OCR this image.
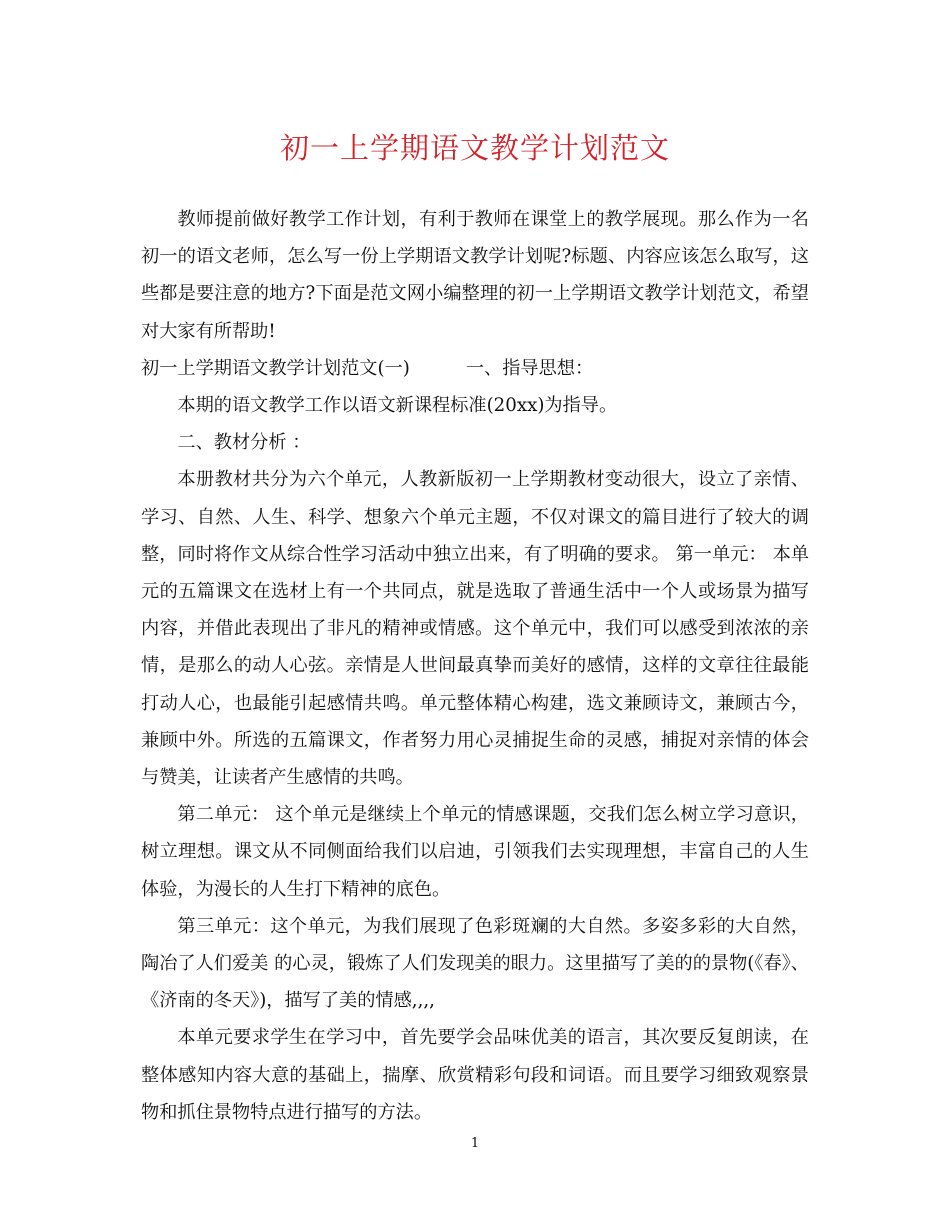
初一上学期语文教学计划范文

教师提前做好教学工作计划，有利于教师在课堂上的教学展现。那么作为一名初一的语文老师，怎么写一份上学期语文教学计划呢?标题、内容应该怎么取写，这些都是要注意的地方?下面是范文网小编整理的初一上学期语文教学计划范文，希望对大家有所帮助!

初一上学期语文教学计划范文(一)	一、指导思想：

本期的语文教学工作以语文新课程标准(20xx)为指导。

二、教材分析 ：

本册教材共分为六个单元，人教新版初一上学期教材变动很大，设立了亲情、学习、自然、人生、科学、想象六个单元主题，不仅对课文的篇目进行了较大的调整，同时将作文从综合性学习活动中独立出来，有了明确的要求。 第一单元： 本单元的五篇课文在选材上有一个共同点，就是选取了普通生活中一个人或场景为描写内容，并借此表现出了非凡的精神或情感。这个单元中，我们可以感受到浓浓的亲情，是那么的动人心弦。亲情是人世间最真挚而美好的感情，这样的文章往往最能打动人心，也最能引起感情共鸣。单元整体精心构建，选文兼顾诗文，兼顾古今，兼顾中外。所选的五篇课文，作者努力用心灵捕捉生命的灵感，捕捉对亲情的体会与赞美，让读者产生感情的共鸣。

第二单元： 这个单元是继续上个单元的情感课题，交我们怎么树立学习意识，树立理想。课文从不同侧面给我们以启迪，引领我们去实现理想，丰富自己的人生体验，为漫长的人生打下精神的底色。

第三单元：这个单元，为我们展现了色彩斑斓的大自然。多姿多彩的大自然，陶冶了人们爱美 的心灵，锻炼了人们发现美的眼力。这里描写了美的的景物(《春》、《济南的冬天》)，描写了美的情感,,,,

本单元要求学生在学习中，首先要学会品味优美的语言，其次要反复朗读，在整体感知内容大意的基础上，揣摩、欣赏精彩句段和词语。而且要学习细致观察景物和抓住景物特点进行描写的方法。

1
